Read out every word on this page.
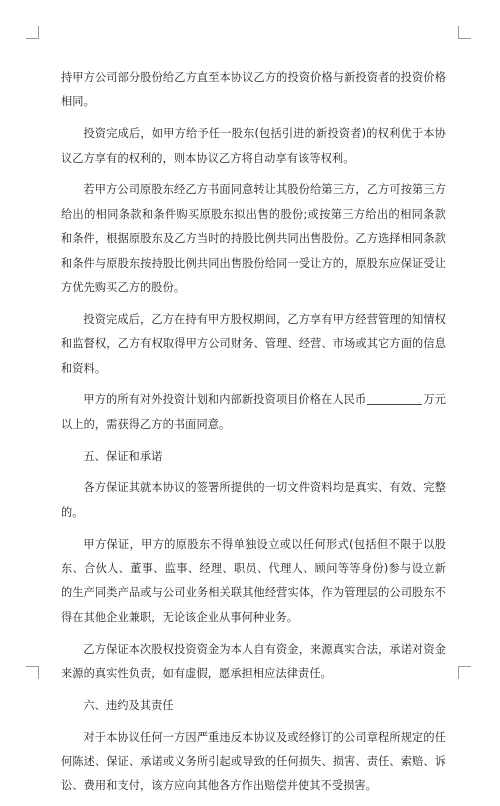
持甲方公司部分股份给乙方直至本协议乙方的投资价格与新投资者的投资价格相同。

投资完成后，如甲方给予任一股东(包括引进的新投资者)的权利优于本协议乙方享有的权利的，则本协议乙方将自动享有该等权利。

若甲方公司原股东经乙方书面同意转让其股份给第三方，乙方可按第三方给出的相同条款和条件购买原股东拟出售的股份;或按第三方给出的相同条款和条件，根据原股东及乙方当时的持股比例共同出售股份。乙方选择相同条款和条件与原股东按持股比例共同出售股份给同一受让方的，原股东应保证受让方优先购买乙方的股份。

投资完成后，乙方在持有甲方股权期间，乙方享有甲方经营管理的知情权和监督权，乙方有权取得甲方公司财务、管理、经营、市场或其它方面的信息和资料。

甲方的所有对外投资计划和内部新投资项目价格在人民币	万元以上的，需获得乙方的书面同意。

五、保证和承诺

各方保证其就本协议的签署所提供的一切文件资料均是真实、有效、完整的。

甲方保证，甲方的原股东不得单独设立或以任何形式(包括但不限于以股东、合伙人、董事、监事、经理、职员、代理人、顾问等等身份)参与设立新的生产同类产品或与公司业务相关联其他经营实体，作为管理层的公司股东不得在其他企业兼职，无论该企业从事何种业务。

乙方保证本次股权投资资金为本人自有资金，来源真实合法，承诺对资金来源的真实性负责，如有虚假，愿承担相应法律责任。

六、违约及其责任

对于本协议任何一方因严重违反本协议及或经修订的公司章程所规定的任何陈述、保证、承诺或义务所引起或导致的任何损失、损害、责任、索赔、诉讼、费用和支付，该方应向其他各方作出赔偿并使其不受损害。
